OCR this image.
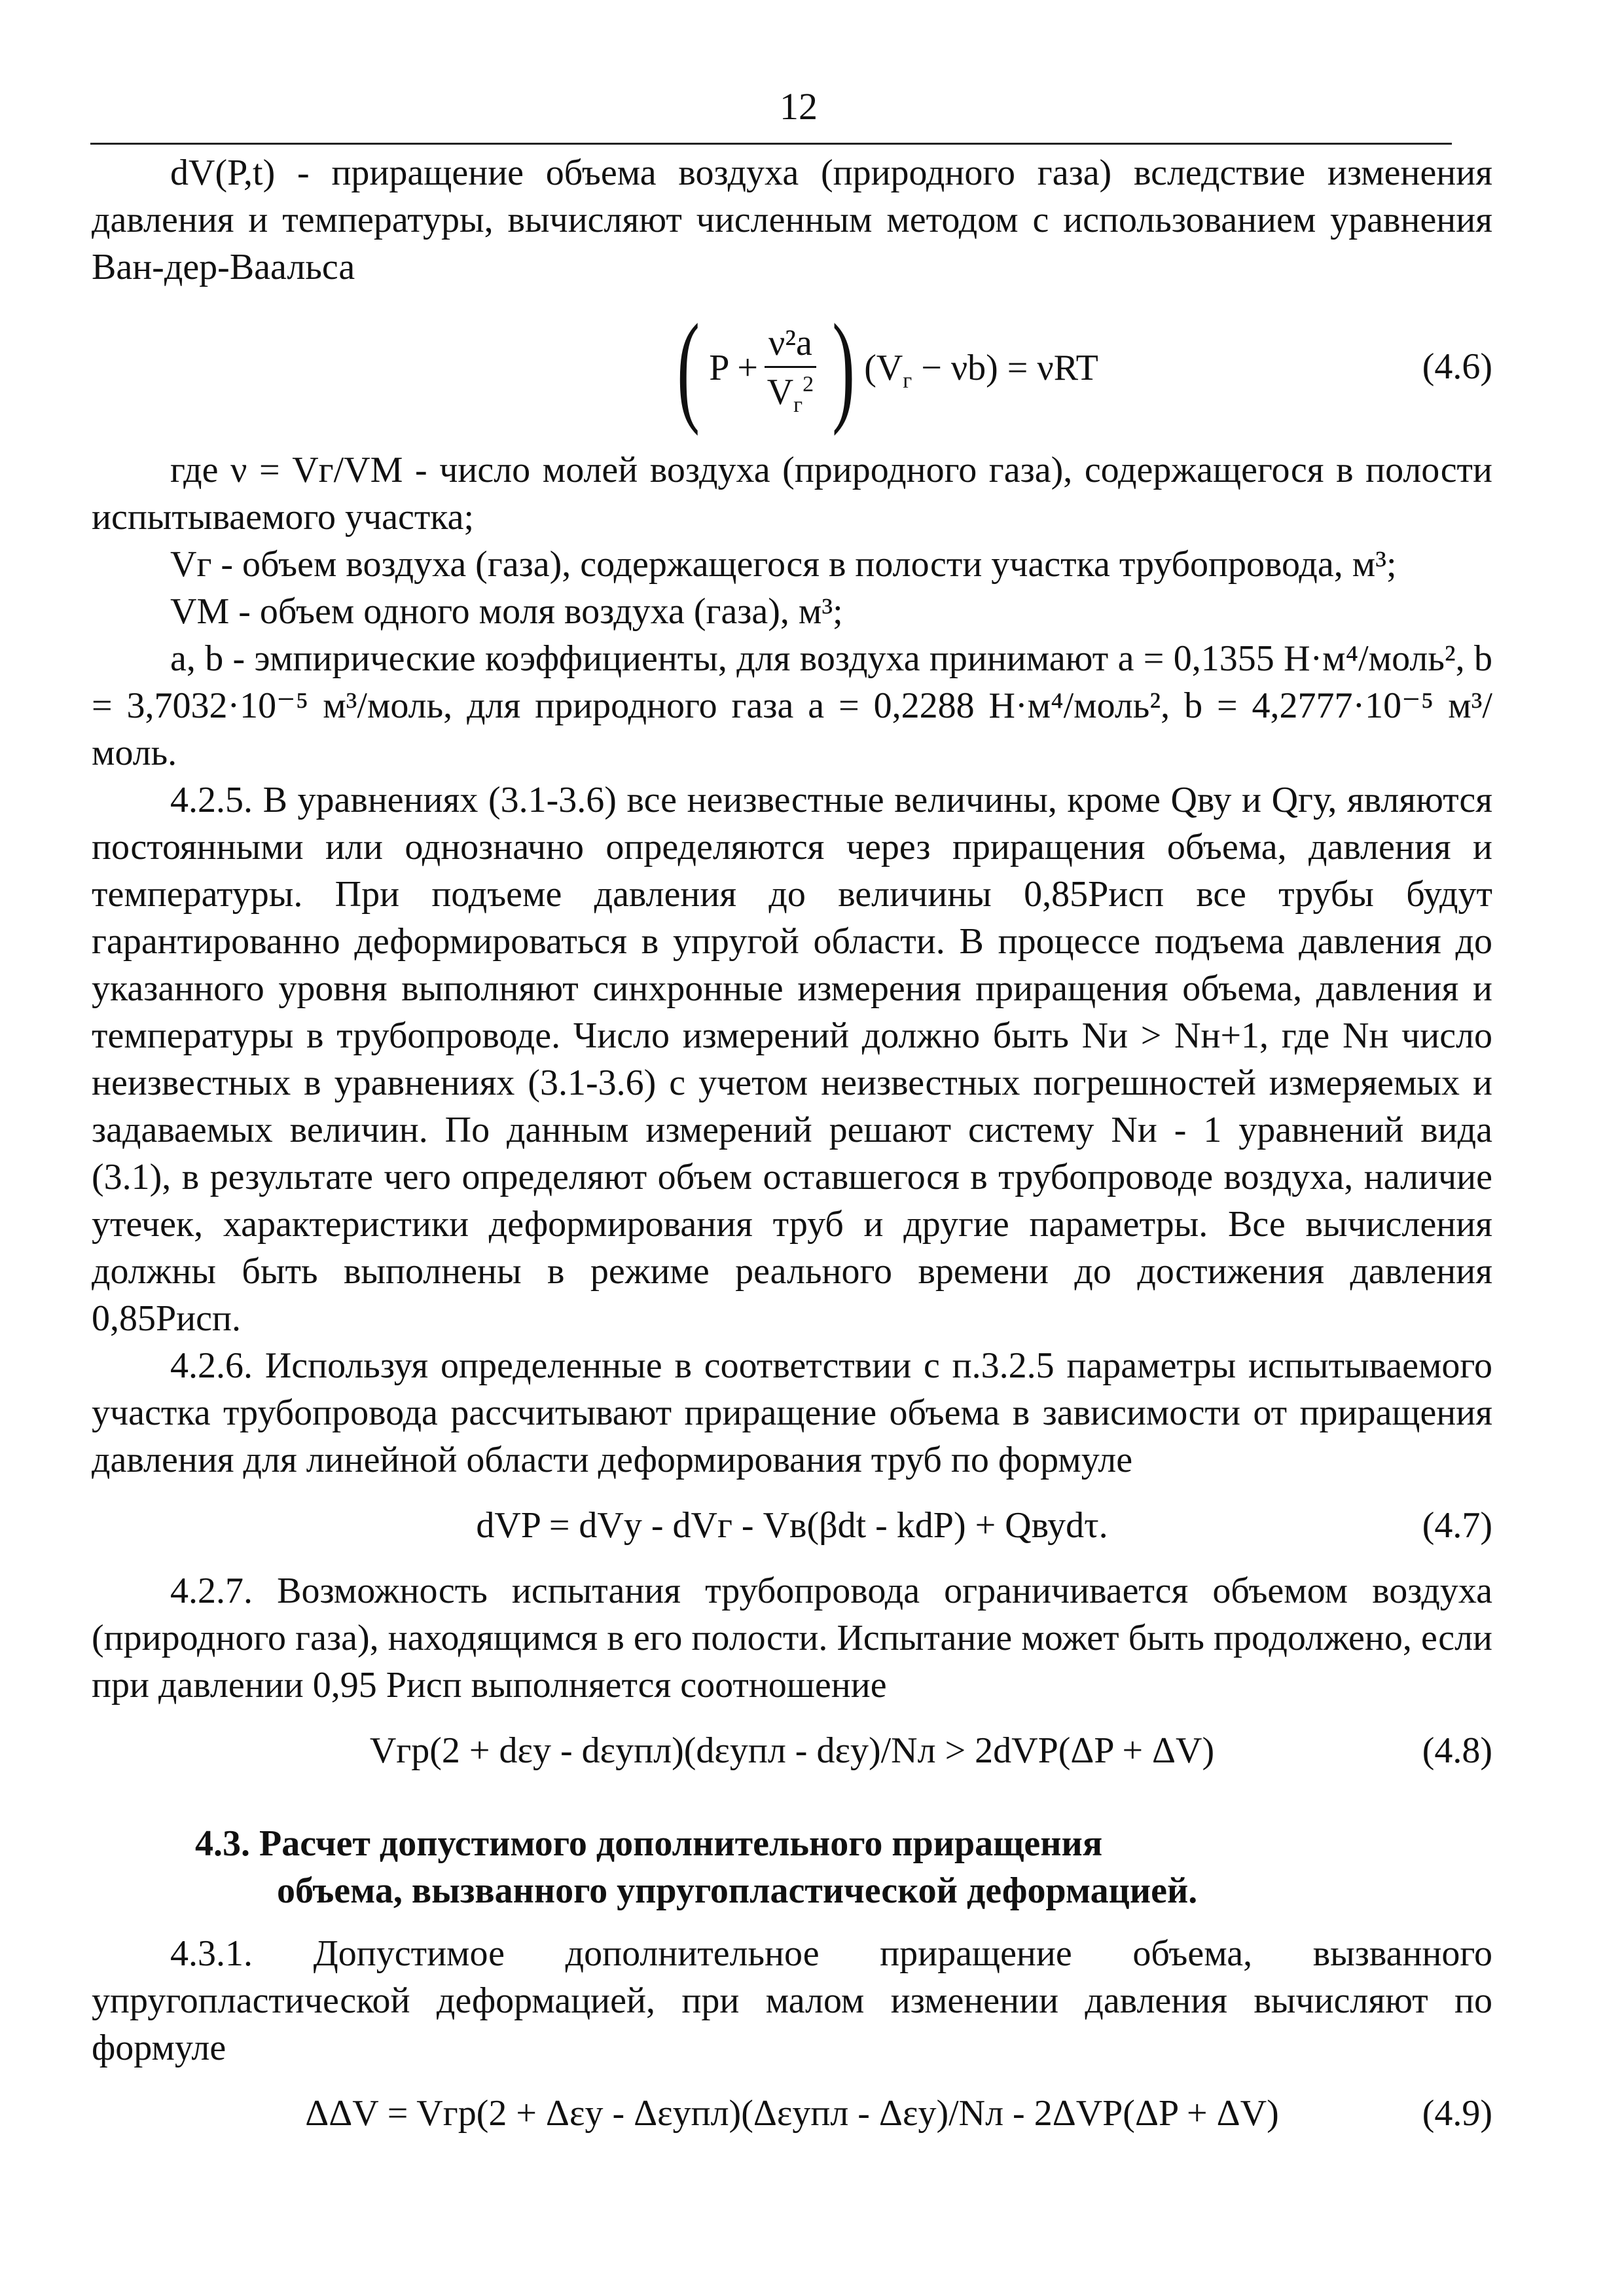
12

dV(P,t) - приращение объема воздуха (природного газа) вследствие изменения давления и температуры, вычисляют численным методом с использованием уравнения Ван-дер-Ваальса

( $P + \frac{\text{ν²a}}{V_г^2}$ ) $(V_г - \nu b) = \nu RT$	(4.6)

где ν = Vг/VM - число молей воздуха (природного газа), содержащегося в полости испытываемого участка;

Vг - объем воздуха (газа), содержащегося в полости участка трубопровода, м³;

VM - объем одного моля воздуха (газа), м³;

a, b - эмпирические коэффициенты, для воздуха принимают a = 0,1355 Н·м⁴/моль², b = 3,7032·10⁻⁵ м³/моль, для природного газа a = 0,2288 Н·м⁴/моль², b = 4,2777·10⁻⁵ м³/моль.

4.2.5. В уравнениях (3.1-3.6) все неизвестные величины, кроме Qву и Qгу, являются постоянными или однозначно определяются через приращения объема, давления и температуры. При подъеме давления до величины 0,85Pисп все трубы будут гарантированно деформироваться в упругой области. В процессе подъема давления до указанного уровня выполняют синхронные измерения приращения объема, давления и температуры в трубопроводе. Число измерений должно быть Nи > Nн+1, где Nн число неизвестных в уравнениях (3.1-3.6) с учетом неизвестных погрешностей измеряемых и задаваемых величин. По данным измерений решают систему Nи - 1 уравнений вида (3.1), в результате чего определяют объем оставшегося в трубопроводе воздуха, наличие утечек, характеристики деформирования труб и другие параметры. Все вычисления должны быть выполнены в режиме реального времени до достижения давления 0,85Pисп.

4.2.6. Используя определенные в соответствии с п.3.2.5 параметры испытываемого участка трубопровода рассчитывают приращение объема в зависимости от приращения давления для линейной области деформирования труб по формуле

dVP = dVу - dVг - Vв(βdt - kdP) + Qвуdτ.	(4.7)

4.2.7. Возможность испытания трубопровода ограничивается объемом воздуха (природного газа), находящимся в его полости. Испытание может быть продолжено, если при давлении 0,95 Pисп выполняется соотношение

Vгр(2 + dεу - dεупл)(dεупл - dεу)/Nл > 2dVP(ΔP + ΔV)	(4.8)
4.3. Расчет допустимого дополнительного приращения
объема, вызванного упругопластической деформацией.

4.3.1. Допустимое дополнительное приращение объема, вызванного упругопластической деформацией, при малом изменении давления вычисляют по формуле

ΔΔV = Vгр(2 + Δεу - Δεупл)(Δεупл - Δεу)/Nл - 2ΔVP(ΔP + ΔV)	(4.9)
